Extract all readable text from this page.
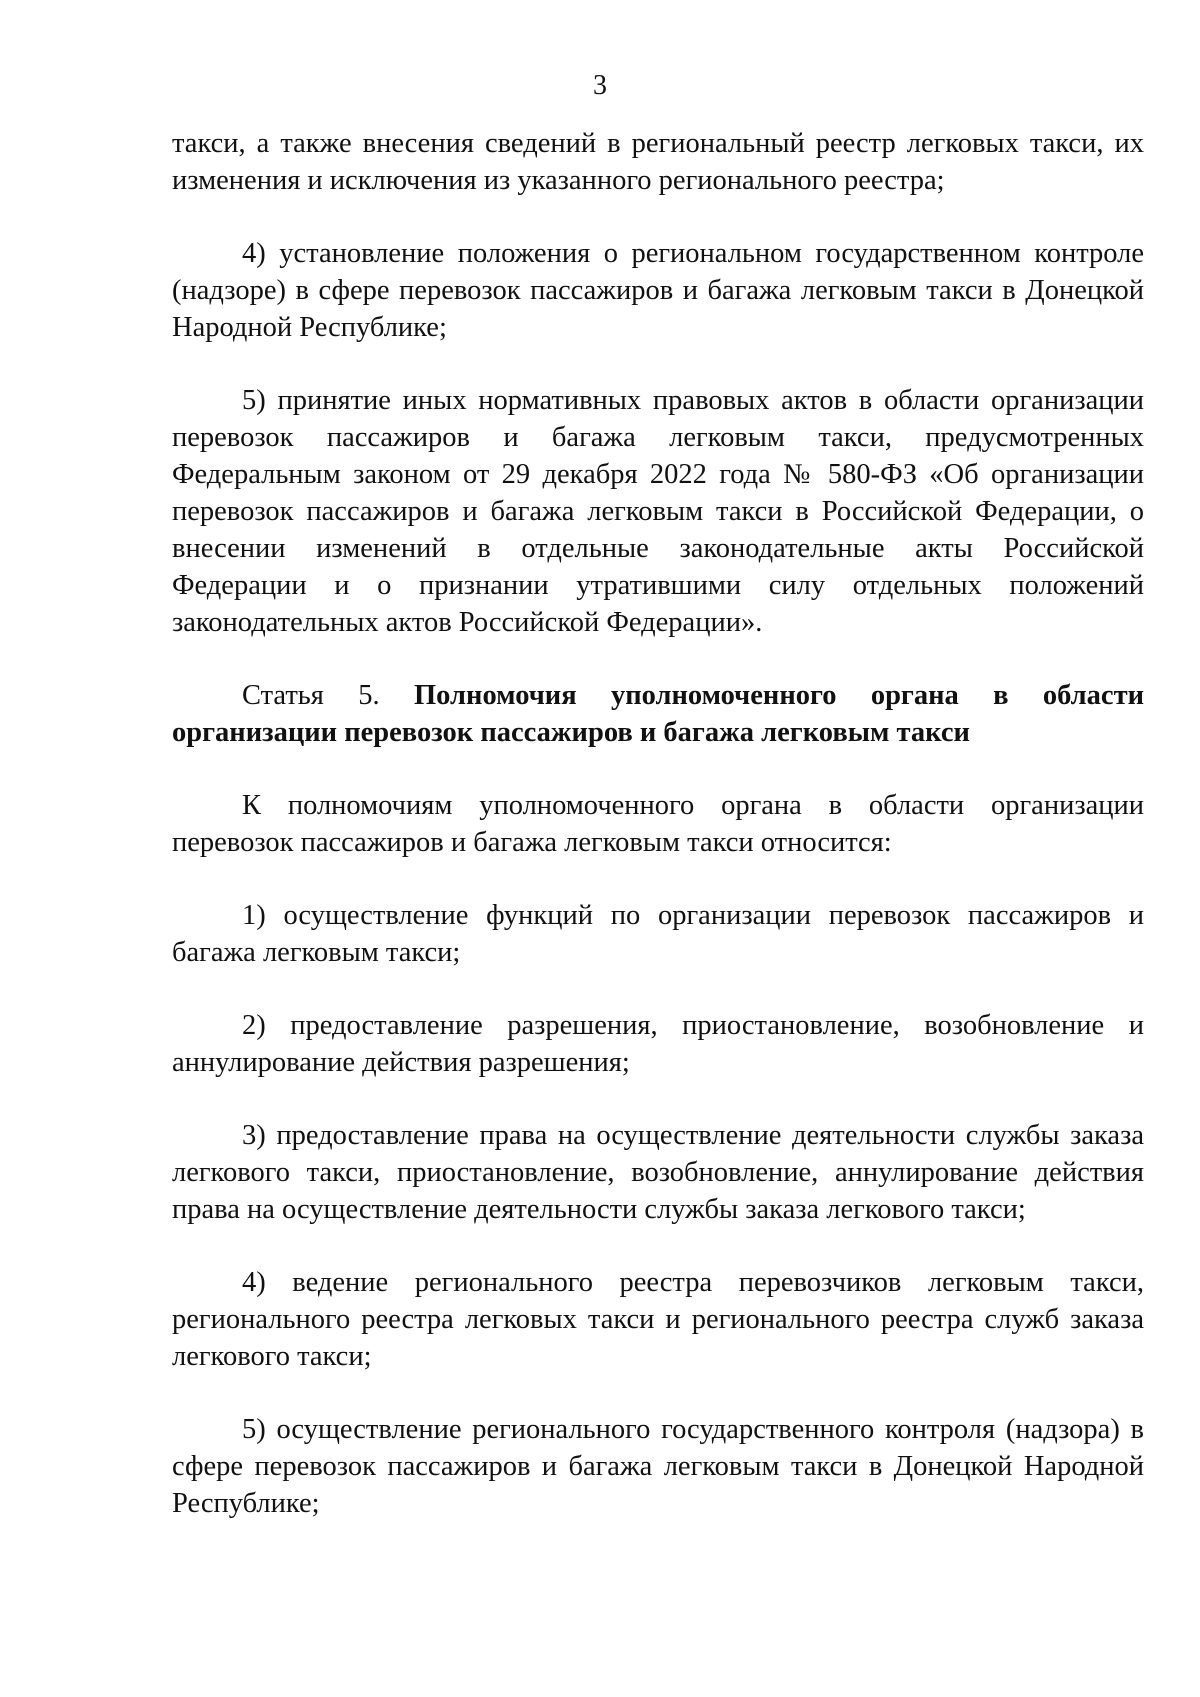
3

такси, а также внесения сведений в региональный реестр легковых такси, их изменения и исключения из указанного регионального реестра;

4) установление положения о региональном государственном контроле (надзоре) в сфере перевозок пассажиров и багажа легковым такси в Донецкой Народной Республике;

5) принятие иных нормативных правовых актов в области организации перевозок пассажиров и багажа легковым такси, предусмотренных Федеральным законом от 29 декабря 2022 года № 580-ФЗ «Об организации перевозок пассажиров и багажа легковым такси в Российской Федерации, о внесении изменений в отдельные законодательные акты Российской Федерации и о признании утратившими силу отдельных положений законодательных актов Российской Федерации».

Статья 5. Полномочия уполномоченного органа в области организации перевозок пассажиров и багажа легковым такси

К полномочиям уполномоченного органа в области организации перевозок пассажиров и багажа легковым такси относится:

1) осуществление функций по организации перевозок пассажиров и багажа легковым такси;

2) предоставление разрешения, приостановление, возобновление и аннулирование действия разрешения;

3) предоставление права на осуществление деятельности службы заказа легкового такси, приостановление, возобновление, аннулирование действия права на осуществление деятельности службы заказа легкового такси;

4) ведение регионального реестра перевозчиков легковым такси, регионального реестра легковых такси и регионального реестра служб заказа легкового такси;

5) осуществление регионального государственного контроля (надзора) в сфере перевозок пассажиров и багажа легковым такси в Донецкой Народной Республике;
